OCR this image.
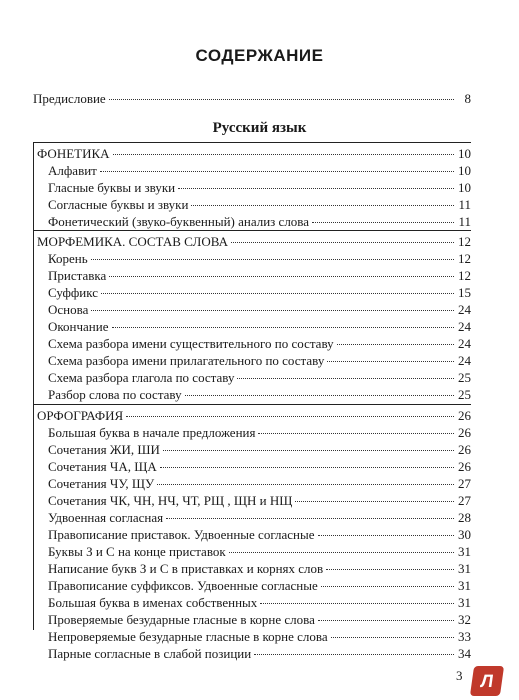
СОДЕРЖАНИЕ
Предисловие	8
Русский язык
ФОНЕТИКА	10
Алфавит	10
Гласные буквы и звуки	10
Согласные буквы и звуки	11
Фонетический (звуко-буквенный) анализ слова	11
МОРФЕМИКА. СОСТАВ СЛОВА	12
Корень	12
Приставка	12
Суффикс	15
Основа	24
Окончание	24
Схема разбора имени существительного по составу	24
Схема разбора имени прилагательного по составу	24
Схема разбора глагола по составу	25
Разбор слова по составу	25
ОРФОГРАФИЯ	26
Большая буква в начале предложения	26
Сочетания ЖИ, ШИ	26
Сочетания ЧА, ЩА	26
Сочетания ЧУ, ЩУ	27
Сочетания ЧК, ЧН, НЧ, ЧТ, РЩ , ЩН и НЩ	27
Удвоенная согласная	28
Правописание приставок. Удвоенные согласные	30
Буквы З и С на конце приставок	31
Написание букв З и С в приставках и корнях слов	31
Правописание суффиксов. Удвоенные согласные	31
Большая буква в именах собственных	31
Проверяемые безударные гласные в корне слова	32
Непроверяемые безударные гласные в корне слова	33
Парные согласные в слабой позиции	34
3 Л
